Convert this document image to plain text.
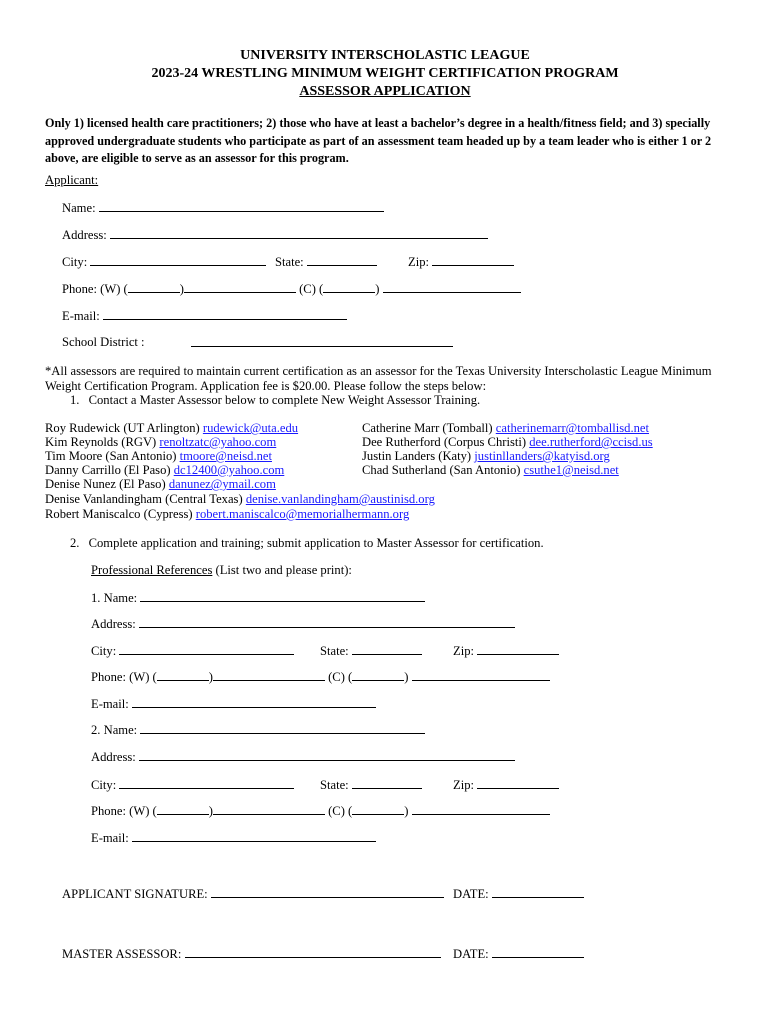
UNIVERSITY INTERSCHOLASTIC LEAGUE
2023-24 WRESTLING MINIMUM WEIGHT CERTIFICATION PROGRAM
ASSESSOR APPLICATION
Only 1) licensed health care practitioners; 2) those who have at least a bachelor’s degree in a health/fitness field; and 3) specially approved undergraduate students who participate as part of an assessment team headed up by a team leader who is either 1 or 2 above, are eligible to serve as an assessor for this program.
Applicant:
Name:
Address:
City:	State:	Zip:
Phone: (W) (	)	(C) (	)
E-mail:
School District :
*All assessors are required to maintain current certification as an assessor for the Texas University Interscholastic League Minimum Weight Certification Program. Application fee is $20.00. Please follow the steps below:
1. Contact a Master Assessor below to complete New Weight Assessor Training.
Roy Rudewick (UT Arlington) rudewick@uta.edu
Kim Reynolds (RGV) renoltzatc@yahoo.com
Tim Moore (San Antonio) tmoore@neisd.net
Danny Carrillo (El Paso) dc12400@yahoo.com
Denise Nunez (El Paso) danunez@ymail.com
Denise Vanlandingham (Central Texas) denise.vanlandingham@austinisd.org
Robert Maniscalco (Cypress) robert.maniscalco@memorialhermann.org
Catherine Marr (Tomball) catherinemarr@tomballisd.net
Dee Rutherford (Corpus Christi) dee.rutherford@ccisd.us
Justin Landers (Katy) justinllanders@katyisd.org
Chad Sutherland (San Antonio) csuthe1@neisd.net
2. Complete application and training; submit application to Master Assessor for certification.
Professional References (List two and please print):
1. Name:
Address:
City:	State:	Zip:
Phone: (W) (	)	(C) (	)
E-mail:
2. Name:
Address:
City:	State:	Zip:
Phone: (W) (	)	(C) (	)
E-mail:
APPLICANT SIGNATURE:	DATE:
MASTER ASSESSOR:	DATE:
